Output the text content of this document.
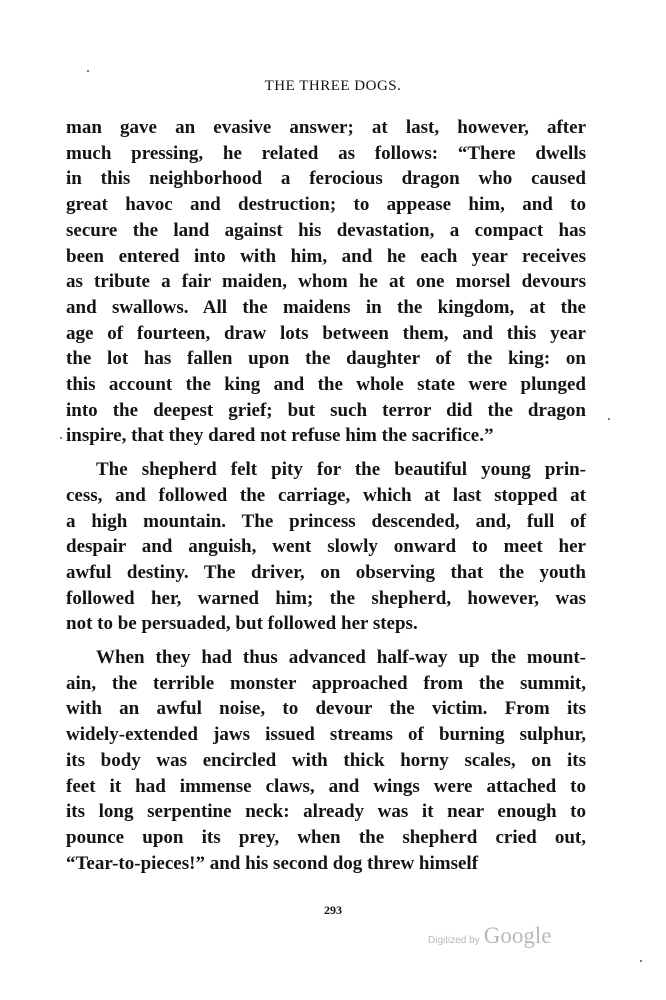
THE THREE DOGS.
man gave an evasive answer; at last, however, after
much pressing, he related as follows: “There dwells
in this neighborhood a ferocious dragon who caused
great havoc and destruction; to appease him, and to
secure the land against his devastation, a compact has
been entered into with him, and he each year receives
as tribute a fair maiden, whom he at one morsel devours
and swallows. All the maidens in the kingdom, at the
age of fourteen, draw lots between them, and this year
the lot has fallen upon the daughter of the king: on
this account the king and the whole state were plunged
into the deepest grief; but such terror did the dragon
inspire, that they dared not refuse him the sacrifice.”
The shepherd felt pity for the beautiful young prin-
cess, and followed the carriage, which at last stopped at
a high mountain. The princess descended, and, full of
despair and anguish, went slowly onward to meet her
awful destiny. The driver, on observing that the youth
followed her, warned him; the shepherd, however, was
not to be persuaded, but followed her steps.
When they had thus advanced half-way up the mount-
ain, the terrible monster approached from the summit,
with an awful noise, to devour the victim. From its
widely-extended jaws issued streams of burning sulphur,
its body was encircled with thick horny scales, on its
feet it had immense claws, and wings were attached to
its long serpentine neck: already was it near enough to
pounce upon its prey, when the shepherd cried out,
“Tear-to-pieces!” and his second dog threw himself
293
Digitized by Google
